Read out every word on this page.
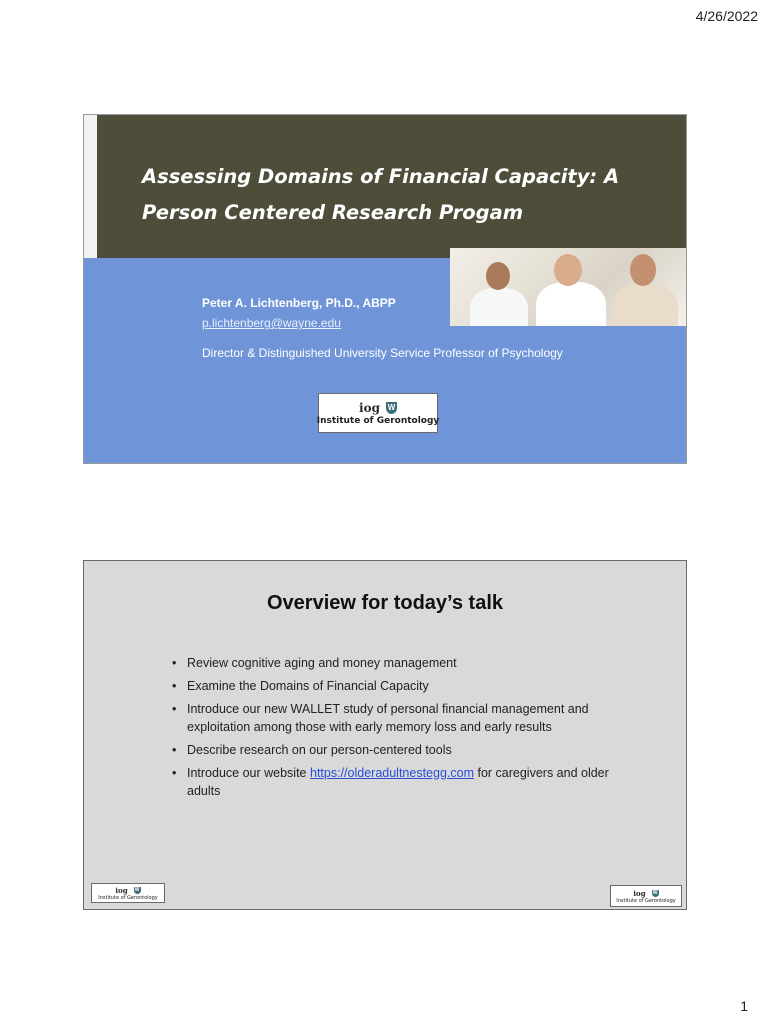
4/26/2022
Assessing Domains of Financial Capacity: A Person Centered Research Progam
Peter A. Lichtenberg, Ph.D., ABPP
p.lichtenberg@wayne.edu
Director & Distinguished University Service Professor of Psychology
iog W
Institute of Gerontology
Overview for today’s talk
• Review cognitive aging and money management
• Examine the Domains of Financial Capacity
• Introduce our new WALLET study of personal financial management and exploitation among those with early memory loss and early results
• Describe research on our person-centered tools
• Introduce our website https://olderadultnestegg.com for caregivers and older adults
iog W
Institute of Gerontology	iog W
Institute of Gerontology
1
